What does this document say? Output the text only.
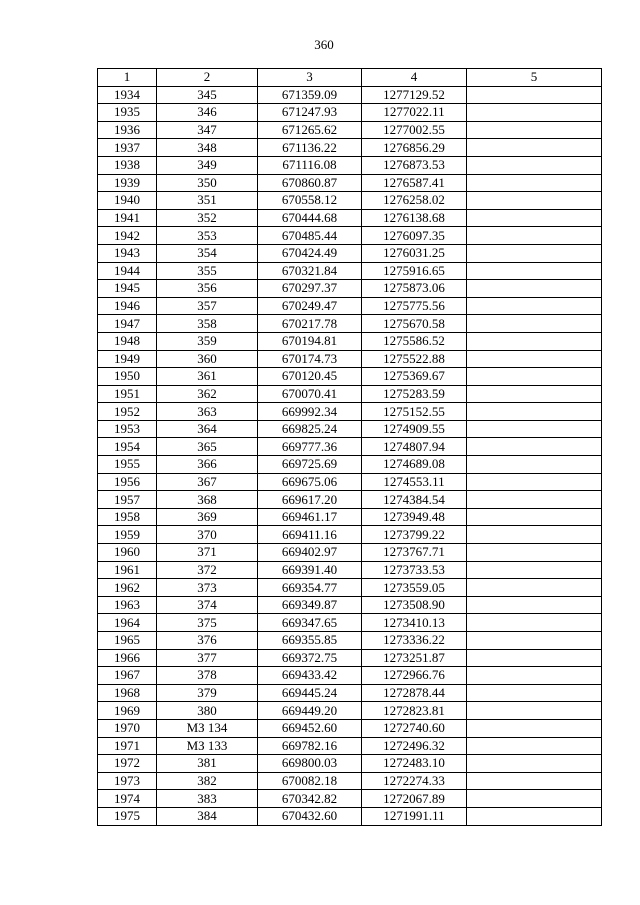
360
1	2	3	4	5
1934	345	671359.09	1277129.52	
1935	346	671247.93	1277022.11	
1936	347	671265.62	1277002.55	
1937	348	671136.22	1276856.29	
1938	349	671116.08	1276873.53	
1939	350	670860.87	1276587.41	
1940	351	670558.12	1276258.02	
1941	352	670444.68	1276138.68	
1942	353	670485.44	1276097.35	
1943	354	670424.49	1276031.25	
1944	355	670321.84	1275916.65	
1945	356	670297.37	1275873.06	
1946	357	670249.47	1275775.56	
1947	358	670217.78	1275670.58	
1948	359	670194.81	1275586.52	
1949	360	670174.73	1275522.88	
1950	361	670120.45	1275369.67	
1951	362	670070.41	1275283.59	
1952	363	669992.34	1275152.55	
1953	364	669825.24	1274909.55	
1954	365	669777.36	1274807.94	
1955	366	669725.69	1274689.08	
1956	367	669675.06	1274553.11	
1957	368	669617.20	1274384.54	
1958	369	669461.17	1273949.48	
1959	370	669411.16	1273799.22	
1960	371	669402.97	1273767.71	
1961	372	669391.40	1273733.53	
1962	373	669354.77	1273559.05	
1963	374	669349.87	1273508.90	
1964	375	669347.65	1273410.13	
1965	376	669355.85	1273336.22	
1966	377	669372.75	1273251.87	
1967	378	669433.42	1272966.76	
1968	379	669445.24	1272878.44	
1969	380	669449.20	1272823.81	
1970	МЗ 134	669452.60	1272740.60	
1971	МЗ 133	669782.16	1272496.32	
1972	381	669800.03	1272483.10	
1973	382	670082.18	1272274.33	
1974	383	670342.82	1272067.89	
1975	384	670432.60	1271991.11	
